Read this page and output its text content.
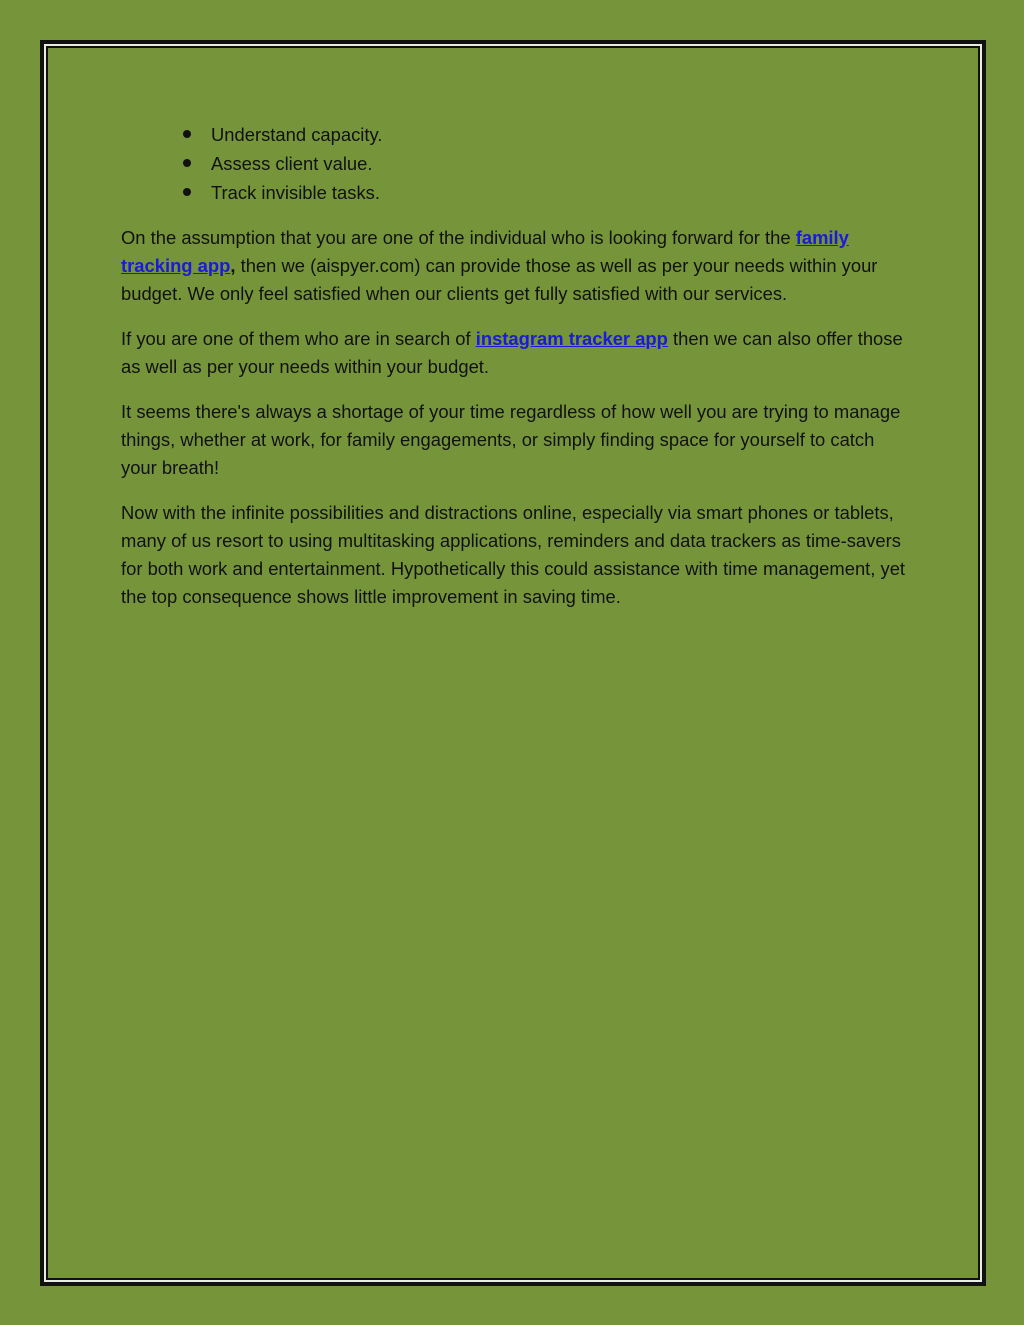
Understand capacity.
Assess client value.
Track invisible tasks.

On the assumption that you are one of the individual who is looking forward for the family tracking app, then we (aispyer.com) can provide those as well as per your needs within your budget. We only feel satisfied when our clients get fully satisfied with our services.

If you are one of them who are in search of instagram tracker app then we can also offer those as well as per your needs within your budget.

It seems there's always a shortage of your time regardless of how well you are trying to manage things, whether at work, for family engagements, or simply finding space for yourself to catch your breath!

Now with the infinite possibilities and distractions online, especially via smart phones or tablets, many of us resort to using multitasking applications, reminders and data trackers as time-savers for both work and entertainment. Hypothetically this could assistance with time management, yet the top consequence shows little improvement in saving time.
